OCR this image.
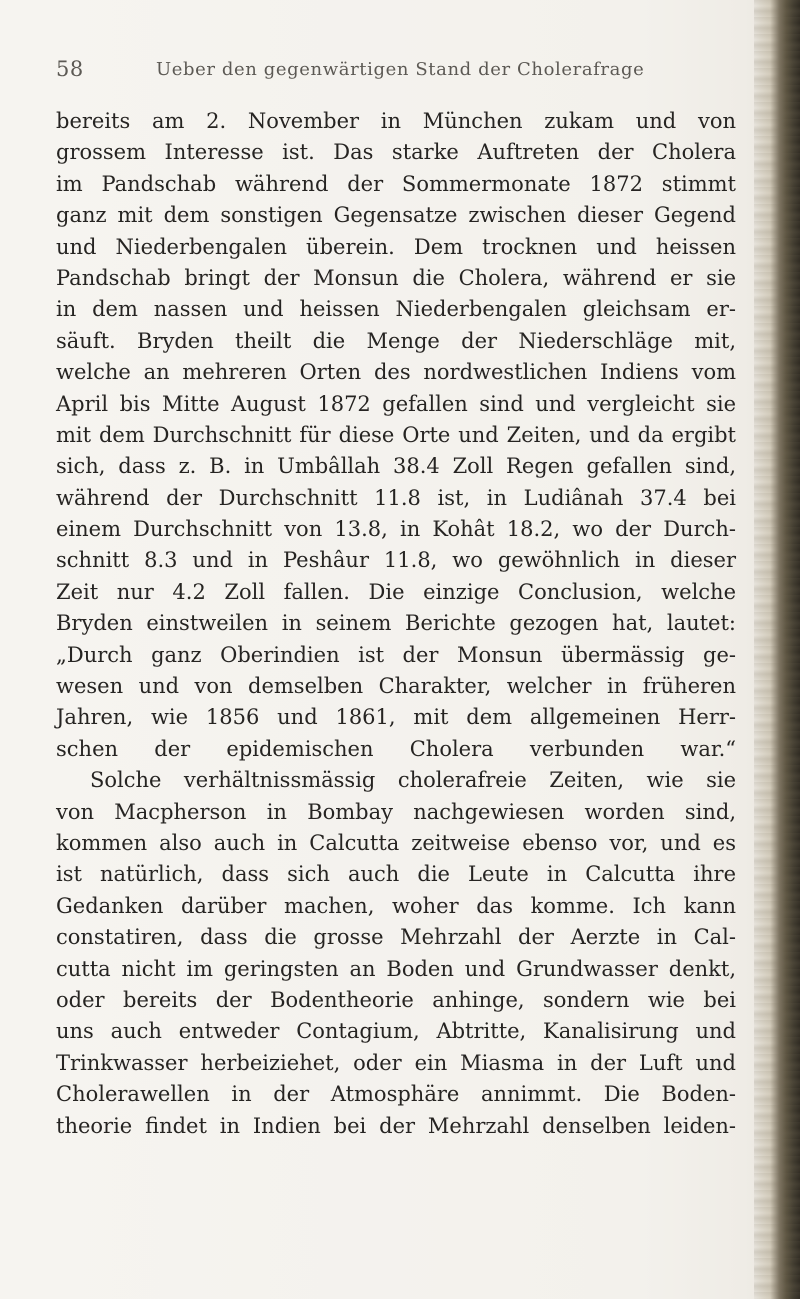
58	Ueber den gegenwärtigen Stand der Cholerafrage
bereits am 2. November in München zukam und von
grossem Interesse ist. Das starke Auftreten der Cholera
im Pandschab während der Sommermonate 1872 stimmt
ganz mit dem sonstigen Gegensatze zwischen dieser Gegend
und Niederbengalen überein. Dem trocknen und heissen
Pandschab bringt der Monsun die Cholera, während er sie
in dem nassen und heissen Niederbengalen gleichsam er-
säuft. Bryden theilt die Menge der Niederschläge mit,
welche an mehreren Orten des nordwestlichen Indiens vom
April bis Mitte August 1872 gefallen sind und vergleicht sie
mit dem Durchschnitt für diese Orte und Zeiten, und da ergibt
sich, dass z. B. in Umbâllah 38.4 Zoll Regen gefallen sind,
während der Durchschnitt 11.8 ist, in Ludiânah 37.4 bei
einem Durchschnitt von 13.8, in Kohât 18.2, wo der Durch-
schnitt 8.3 und in Peshâur 11.8, wo gewöhnlich in dieser
Zeit nur 4.2 Zoll fallen. Die einzige Conclusion, welche
Bryden einstweilen in seinem Berichte gezogen hat, lautet:
„Durch ganz Oberindien ist der Monsun übermässig ge-
wesen und von demselben Charakter, welcher in früheren
Jahren, wie 1856 und 1861, mit dem allgemeinen Herr-
schen der epidemischen Cholera verbunden war.“
Solche verhältnissmässig cholerafreie Zeiten, wie sie
von Macpherson in Bombay nachgewiesen worden sind,
kommen also auch in Calcutta zeitweise ebenso vor, und es
ist natürlich, dass sich auch die Leute in Calcutta ihre
Gedanken darüber machen, woher das komme. Ich kann
constatiren, dass die grosse Mehrzahl der Aerzte in Cal-
cutta nicht im geringsten an Boden und Grundwasser denkt,
oder bereits der Bodentheorie anhinge, sondern wie bei
uns auch entweder Contagium, Abtritte, Kanalisirung und
Trinkwasser herbeiziehet, oder ein Miasma in der Luft und
Cholerawellen in der Atmosphäre annimmt. Die Boden-
theorie findet in Indien bei der Mehrzahl denselben leiden-
